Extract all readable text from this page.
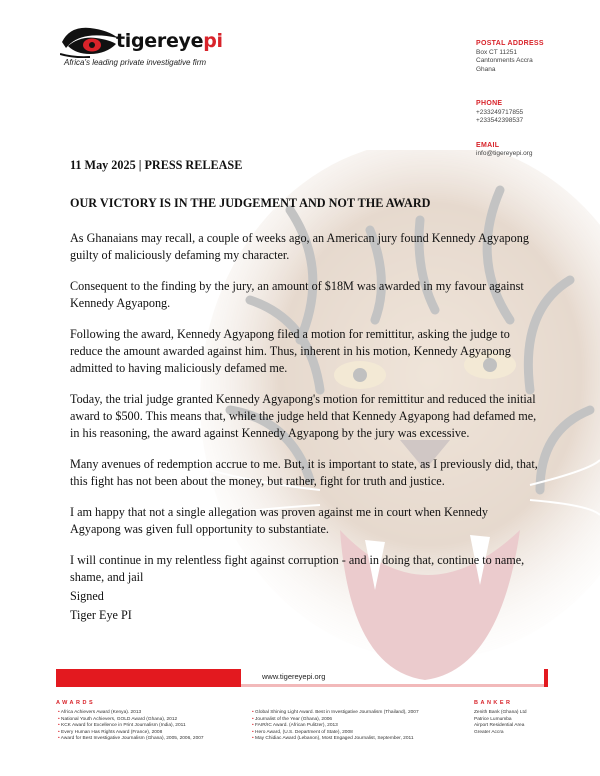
tigereyepi
Africa's leading private investigative firm
POSTAL ADDRESS
Box CT 11251
Cantonments Accra
Ghana
PHONE
+233249717855
+233542398537
EMAIL
info@tigereyepi.org

11 May 2025 | PRESS RELEASE

OUR VICTORY IS IN THE JUDGEMENT AND NOT THE AWARD

As Ghanaians may recall, a couple of weeks ago, an American jury found Kennedy Agyapong guilty of maliciously defaming my character.

Consequent to the finding by the jury, an amount of $18M was awarded in my favour against Kennedy Agyapong.

Following the award, Kennedy Agyapong filed a motion for remittitur, asking the judge to reduce the amount awarded against him. Thus, inherent in his motion, Kennedy Agyapong admitted to having maliciously defamed me.

Today, the trial judge granted Kennedy Agyapong's motion for remittitur and reduced the initial award to $500. This means that, while the judge held that Kennedy Agyapong had defamed me, in his reasoning, the award against Kennedy Agyapong by the jury was excessive.

Many avenues of redemption accrue to me. But, it is important to state, as I previously did, that, this fight has not been about the money, but rather, fight for truth and justice.

I am happy that not a single allegation was proven against me in court when Kennedy Agyapong was given full opportunity to substantiate.

I will continue in my relentless fight against corruption - and in doing that, continue to name, shame, and jail

Signed

Tiger Eye PI

www.tigereyepi.org
AWARDS	BANKER
• Africa Achievers Award (Kenya). 2013
• National Youth Achievers, GOLD Award (Ghana), 2012
• KCK Award for Excellence in Print Journalism (India), 2011
• Every Human Has Rights Award (France), 2008
• Award for Best Investigative Journalism (Ghana), 2005, 2006, 2007
• Global Shining Light Award. Best in Investigative Journalism (Thailand), 2007
• Journalist of the Year (Ghana), 2006
• FAIR/IC Award. (African Pulitzer), 2013
• Hero Award, (U.S. Department of State), 2008
• May Chidiac Award (Lebanon), Most Engaged Journalist, September, 2011
Zenith Bank (Ghana) Ltd
Patrice Lumumba
Airport Residential Area
Greater Accra
